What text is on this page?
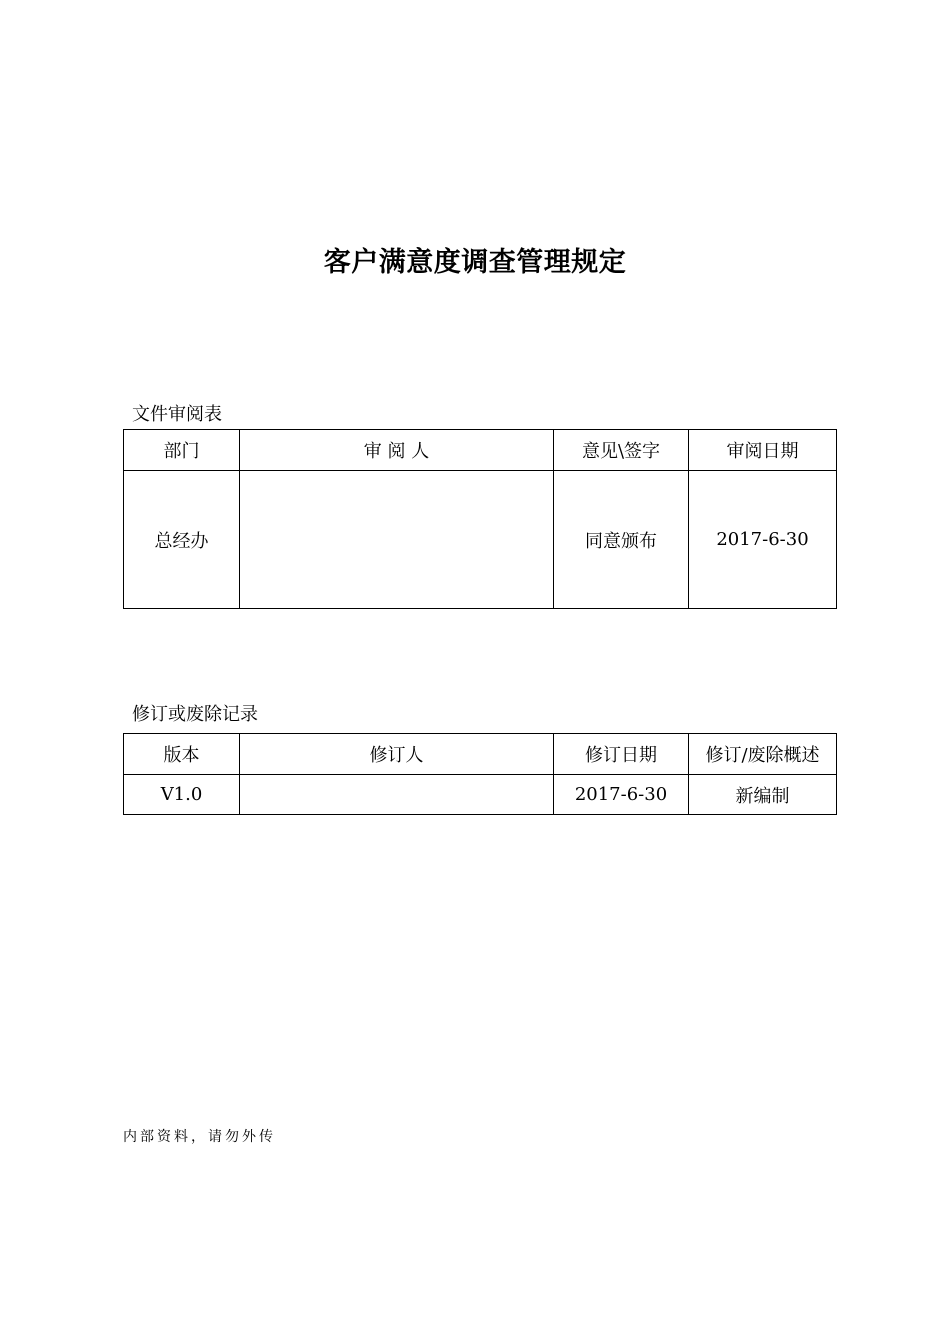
客户满意度调查管理规定
文件审阅表
部门	审 阅 人	意见\签字	审阅日期
总经办		同意颁布	2017-6-30
修订或废除记录
版本	修订人	修订日期	修订/废除概述
V1.0		2017-6-30	新编制
内部资料，请勿外传
